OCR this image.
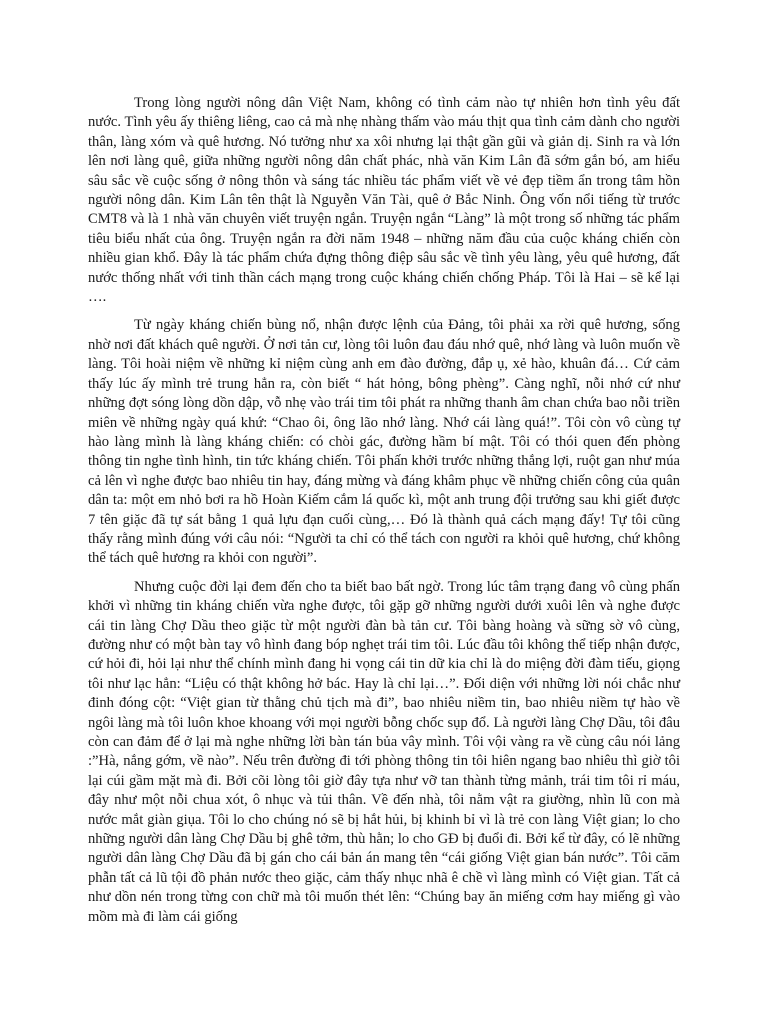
Trong lòng người nông dân Việt Nam, không có tình cảm nào tự nhiên hơn tình yêu đất nước. Tình yêu ấy thiêng liêng, cao cả mà nhẹ nhàng thấm vào máu thịt qua tình cảm dành cho người thân, làng xóm và quê hương. Nó tưởng như xa xôi nhưng lại thật gần gũi và giản dị. Sinh ra và lớn lên nơi làng quê, giữa những người nông dân chất phác, nhà văn Kim Lân đã sớm gắn bó, am hiểu sâu sắc về cuộc sống ở nông thôn và sáng tác nhiều tác phẩm viết về vẻ đẹp tiềm ẩn trong tâm hồn người nông dân. Kim Lân tên thật là Nguyễn Văn Tài, quê ở Bắc Ninh. Ông vốn nổi tiếng từ trước CMT8 và là 1 nhà văn chuyên viết truyện ngắn. Truyện ngắn “Làng” là một trong số những tác phẩm tiêu biểu nhất của ông. Truyện ngắn ra đời năm 1948 – những năm đầu của cuộc kháng chiến còn nhiều gian khổ. Đây là tác phẩm chứa đựng thông điệp sâu sắc về tình yêu làng, yêu quê hương, đất nước thống nhất với tinh thần cách mạng trong cuộc kháng chiến chống Pháp. Tôi là Hai – sẽ kể lại ….

Từ ngày kháng chiến bùng nổ, nhận được lệnh của Đảng, tôi phải xa rời quê hương, sống nhờ nơi đất khách quê người. Ở nơi tản cư, lòng tôi luôn đau đáu nhớ quê, nhớ làng và luôn muốn về làng. Tôi hoài niệm về những kỉ niệm cùng anh em đào đường, đắp ụ, xẻ hào, khuân đá… Cứ cảm thấy lúc ấy mình trẻ trung hẳn ra, còn biết “ hát hỏng, bông phèng”. Càng nghĩ, nỗi nhớ cứ như những đợt sóng lòng dồn dập, vỗ nhẹ vào trái tim tôi phát ra những thanh âm chan chứa bao nỗi triền miên về những ngày quá khứ: “Chao ôi, ông lão nhớ làng. Nhớ cái làng quá!”. Tôi còn vô cùng tự hào làng mình là làng kháng chiến: có chòi gác, đường hầm bí mật. Tôi có thói quen đến phòng thông tin nghe tình hình, tin tức kháng chiến. Tôi phấn khởi trước những thắng lợi, ruột gan như múa cả lên vì nghe được bao nhiêu tin hay, đáng mừng và đáng khâm phục về những chiến công của quân dân ta: một em nhỏ bơi ra hồ Hoàn Kiếm cắm lá quốc kì, một anh trung đội trưởng sau khi giết được 7 tên giặc đã tự sát bằng 1 quả lựu đạn cuối cùng,… Đó là thành quả cách mạng đấy! Tự tôi cũng thấy rằng mình đúng với câu nói: “Người ta chỉ có thể tách con người ra khỏi quê hương, chứ không thể tách quê hương ra khỏi con người”.

Nhưng cuộc đời lại đem đến cho ta biết bao bất ngờ. Trong lúc tâm trạng đang vô cùng phấn khởi vì những tin kháng chiến vừa nghe được, tôi gặp gỡ những người dưới xuôi lên và nghe được cái tin làng Chợ Dầu theo giặc từ một người đàn bà tản cư. Tôi bàng hoàng và sững sờ vô cùng, đường như có một bàn tay vô hình đang bóp nghẹt trái tim tôi. Lúc đầu tôi không thể tiếp nhận được, cứ hỏi đi, hỏi lại như thể chính mình đang hi vọng cái tin dữ kia chỉ là do miệng đời đàm tiếu, giọng tôi như lạc hẳn: “Liệu có thật không hở bác. Hay là chỉ lại…”. Đối diện với những lời nói chắc như đinh đóng cột: “Việt gian từ thằng chủ tịch mà đi”, bao nhiêu niềm tin, bao nhiêu niềm tự hào về ngôi làng mà tôi luôn khoe khoang với mọi người bỗng chốc sụp đổ. Là người làng Chợ Dầu, tôi đâu còn can đảm để ở lại mà nghe những lời bàn tán bủa vây mình. Tôi vội vàng ra về cùng câu nói lảng :”Hà, nắng gớm, về nào”. Nếu trên đường đi tới phòng thông tin tôi hiên ngang bao nhiêu thì giờ tôi lại cúi gầm mặt mà đi. Bởi cõi lòng tôi giờ đây tựa như vỡ tan thành từng mảnh, trái tim tôi rỉ máu, đây như một nỗi chua xót, ô nhục và tủi thân. Về đến nhà, tôi nằm vật ra giường, nhìn lũ con mà nước mắt giàn giụa. Tôi lo cho chúng nó sẽ bị hắt hủi, bị khinh bỉ vì là trẻ con làng Việt gian; lo cho những người dân làng Chợ Dầu bị ghê tởm, thù hằn; lo cho GĐ bị đuổi đi. Bởi kể từ đây, có lẽ những người dân làng Chợ Dầu đã bị gán cho cái bản án mang tên “cái giống Việt gian bán nước”. Tôi căm phẫn tất cả lũ tội đồ phản nước theo giặc, cảm thấy nhục nhã ê chề vì làng mình có Việt gian. Tất cả như dồn nén trong từng con chữ mà tôi muốn thét lên: “Chúng bay ăn miếng cơm hay miếng gì vào mồm mà đi làm cái giống
